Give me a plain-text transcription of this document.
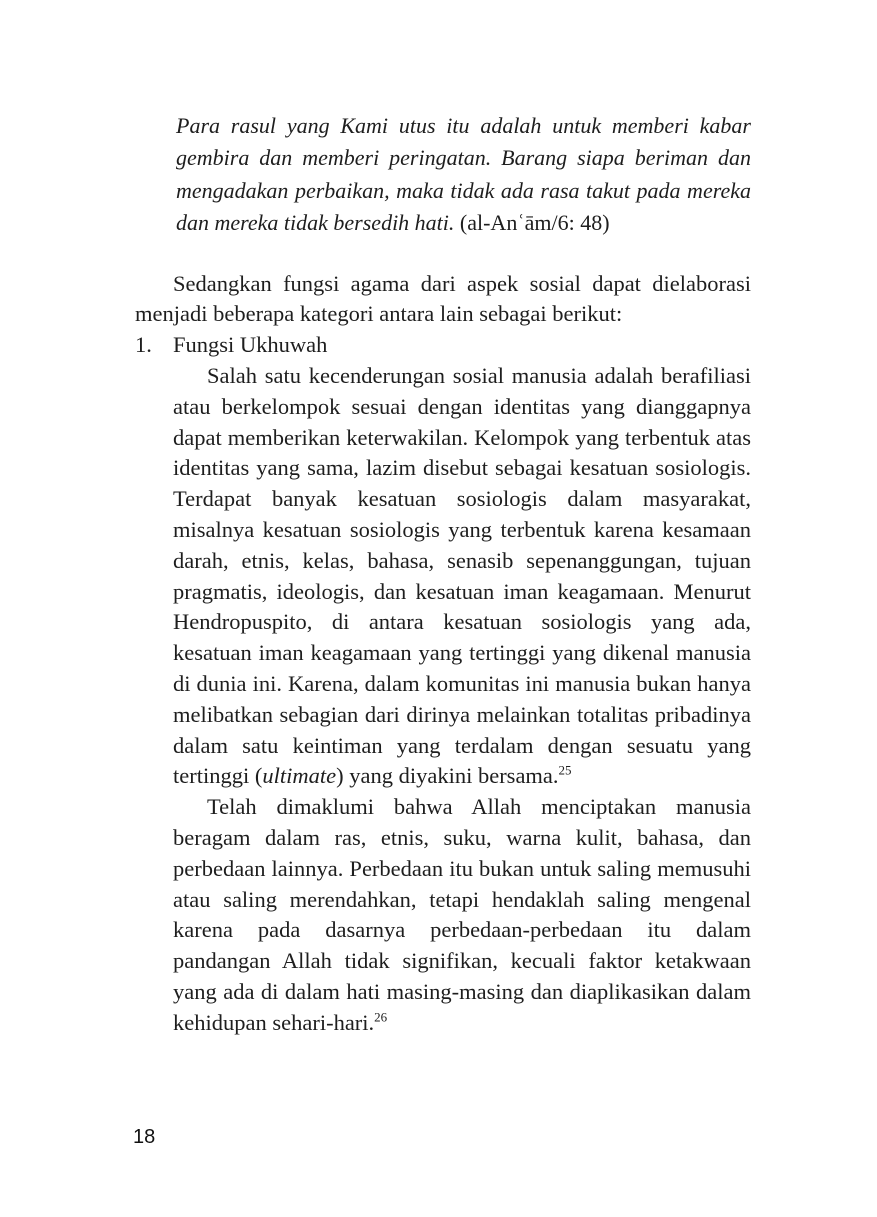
Para rasul yang Kami utus itu adalah untuk memberi kabar gembira dan memberi peringatan. Barang siapa beriman dan mengadakan perbaikan, maka tidak ada rasa takut pada mereka dan mereka tidak bersedih hati. (al-Anʿām/6: 48)

Sedangkan fungsi agama dari aspek sosial dapat dielaborasi menjadi beberapa kategori antara lain sebagai berikut:

1. Fungsi Ukhuwah

Salah satu kecenderungan sosial manusia adalah berafiliasi atau berkelompok sesuai dengan identitas yang dianggapnya dapat memberikan keterwakilan. Kelompok yang terbentuk atas identitas yang sama, lazim disebut sebagai kesatuan sosiologis. Terdapat banyak kesatuan sosiologis dalam masyarakat, misalnya kesatuan sosiologis yang terbentuk karena kesamaan darah, etnis, kelas, bahasa, senasib sepenanggungan, tujuan pragmatis, ideologis, dan kesatuan iman keagamaan. Menurut Hendropuspito, di antara kesatuan sosiologis yang ada, kesatuan iman keagamaan yang tertinggi yang dikenal manusia di dunia ini. Karena, dalam komunitas ini manusia bukan hanya melibatkan sebagian dari dirinya melainkan totalitas pribadinya dalam satu keintiman yang terdalam dengan sesuatu yang tertinggi (ultimate) yang diyakini bersama.$^{25}$

Telah dimaklumi bahwa Allah menciptakan manusia beragam dalam ras, etnis, suku, warna kulit, bahasa, dan perbedaan lainnya. Perbedaan itu bukan untuk saling memusuhi atau saling merendahkan, tetapi hendaklah saling mengenal karena pada dasarnya perbedaan-perbedaan itu dalam pandangan Allah tidak signifikan, kecuali faktor ketakwaan yang ada di dalam hati masing-masing dan diaplikasikan dalam kehidupan sehari-hari.$^{26}$

18
